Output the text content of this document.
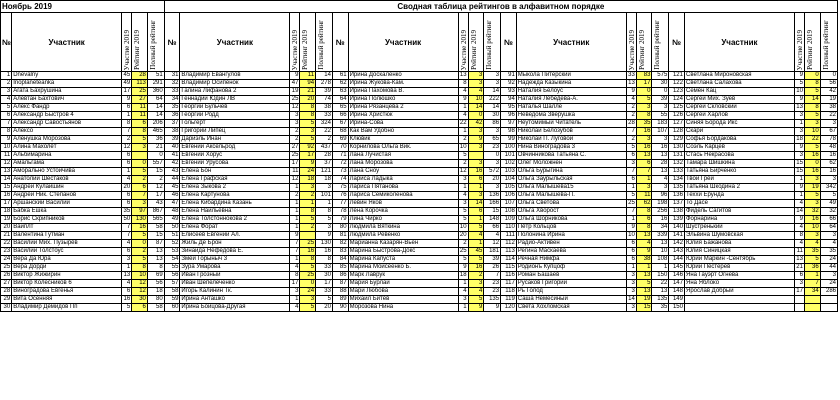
Ноябрь 2019					Сводная таблица рейтингов в алфавитном порядке																			
№	Участник	Участие 2019	Рейтинг 2019	Полный рейтинг	№	Участник	Участие 2019	Рейтинг 2019	Полный рейтинг	№	Участник	Участие 2019	Рейтинг 2019	Полный рейтинг	№	Участник	Участие 2019	Рейтинг 2019	Полный рейтинг	№	Участник	Участие 2019	Рейтинг 2019	Полный рейтинг
1	Dnevalny	45	28	51	31	Владимир Евангулов	9	11	14	61	Ирина Доскаленко	13	3	3	91	Мыкола Питерский	33	83	575	121	Светлана Мироновская	9	0	0
2	Inoplaneteanka	49	113	291	32	Владимир Осипёнок	47	94	278	62	Ирина Жукова-Кам.	8	3	3	92	Надежда Казыкина	13	17	30	122	Светлана Салахова	5	8	56
3	Агата Бахрушина	17	25	360	33	Галина Лифанова 2	19	21	39	63	Ирина Пахомова В.	4	4	14	93	Наталия Белоус	9	0	0	123	Семён Кац	10	5	42
4	Алевтан Бахтович	9	27	64	34	Геннадий Юдин ЛВ	25	20	74	64	Ирина Полюшко	9	10	222	94	Наталия Лебедева-А.	4	5	39	124	Сергей Мих. Зуев	9	14	19
5	Алекс Фандр	6	11	14	35	Георгий Бульчев	12	8	38	65	Ирина Рязанцева 2	1	14	14	95	Наталья Шалле	2	3	3	125	Сергей Скловский	13	8	38
6	Александр Быстров 4	1	11	14	36	Георгий Родд	3	8	33	66	Ирина Христюк	4	0	30	96	Неведома Зверушка	2	8	55	126	Сергей Харлов	3	5	22
7	Александр Савостьянов	8	6	206	37	Гольгерт	3	5	324	67	Ирина-Сова	22	42	86	97	Неутомимый Читатель	28	35	183	127	Синяя Борода Икс	1	3	3
8	Алексо	7	8	465	38	Григорий Липец	2	3	22	68	Как Вам Удобно	1	3	3	98	Николай Белозубов	7	16	107	128	Скари	3	10	67
9	Аленушка Морозова	2	5	36	39	Дариэль Инан	2	5	2	69	Клювик	2	9	65	99	Николай П. Луговой	2	3	3	129	Софья Бордакова	18	22	78
10	Алина Махолёт	12	3	21	40	Евгений Аксельрод	27	92	437	70	Корнилова Ольга Вик.	10	3	23	100	Нина Виноградова 3	5	16	16	130	Соэль Карцев	9	5	48
11	Альбимарина	6		0	41	Евгений Хорус	25	17	28	71	Лана Лучистая	5		0	101	Овчинникова Татьяна С.	6	13	13	131	Стась Некрасова	3	16	16
12	Амальгама	6	0	557	42	Евгений Урусова	17	9	37	72	Лана Морозова	2	3	3	102	Олег Моложнен	3	6	28	132	Тамара Шишкина	15	0	62
13	Аморально Устойчива	1	5	15	43	Елена Бон	11	24	121	73	Лана Сноу	12	16	572	103	Ольга Бурыгина	7	7	13	133	Татьяна Бирченко	15	16	16
14	Анатолий Шестаков	4	2	2	44	Елена Графская	12	18	18	74	Лариса Ладыка	3	6	20	104	Ольга Заурыльская	6	1	4	134	Твой Грей	1	3	3
15	Андрей Кулайшин	20	6	12	45	Елена Зыкова 2	1	3	3	75	Лариса Пятанова	1	1	3	105	Ольга Малышева15	1	3	3	135	Татьяна Шкодина 2	9	19	342
16	Андрей Ник. Степанов	6	7	17	46	Елена Картунова	2	2	101	76	Лариса Семиколенова	4	3	136	106	Ольга Малышева-П.	5	11	96	136	Теххи Ерунда	1	5	5
17	Аршанский Василий	6	3	43	47	Елена Кибардина Казань	1	1	1	77	Левин Яков	3	14	166	107	Ольга Светова	25	62	198	137	То Дасе	4	3	49
18	Бабка Ёшка	35	97	867	48	Елена Наильевна	1	8	8	78	Лёна Корочка	5	6	15	108	Ольга Хворост	7	8	256	138	Фидель Сагитов	14	32	32
19	Борис Скрипников	50	130	565	49	Елена Толстоннокова 2	1	5	5	79	Лина Чирко	5	1	148	109	Ольга Шорникова	1	6	16	139	Форнарина	9	16	66
20	Вайплт	7	16	58	50	Елена Форат	1	2	3	80	Людмила Вяткина	10	5	66	110	Пётр Кольцов	9	8	34	140	Шустренький	4	10	64
21	Валентина Гутман	7	5	15	51	Елисеев Евгений Ал.	9		9	81	Людмила Ревенко	20	4	4	111	Полонина Ирина	10	13	339	141	Эльвина Шумовская	8	3	3
22	Василий Мих. Пузырёв	4	0	87	52	Жиль Де Брон	7	25	130	82	Марианна Казарян-Вьен	2	1	12	112	Радио-Активен	6	4	13	142	Юлия Бажанова	4	4	4
23	Василий Толстоус	6	2	13	53	Зинаида Нефедова Е.	7	16	16	83	Марина Быстрова-Докс	25	45	181	113	Регина Маскаева	6	9	10	143	Юлия Синицкая	11	35	35
24	Вера Да Юра	3	5	13	54	Змей Горыныч 3	1	8	8	84	Марина Капуста	5	5	39	114	Речная Нимфа	6	38	108	144	Юрий Маркин -Сентябрь	13	5	24
25	Вера Дорди	1	8	8	55	Зура Умарова	4	5	33	85	Марина Моисеенко Б.	9	16	26	115	Родионъ Купцоф	1	1	1	145	Юрий Пестерев	21	36	44
26	Виктор Жижирин	13	10	69	56	Иван Грозный	8	25	30	86	Марк Лаврук	18	2	7	116	Роман Башаев	3	13	150	146	Яна Гауэрт Огнева	6	1	3
27	Виктор Колесников 6	4	12	56	57	Иван Шепелеченко	17	0	17	87	Мария Бурлай	1	3	23	117	Русаков Григорий	3	5	22	147	Яна Яблоко	3	7	24
28	Виноградова Евгенья	6	12	18	58	Игорь Калинин Тк.	3	24	33	88	Мари Любова	4	4	23	118	Рь Голод	3	13	13	148	Ярослав Добрый	17	34	286
29	Вита Осенняя	16	30	80	59	Ирина Анташко	1	3	5	89	Михаил Битёв	3	5	135	119	Саша Немесиный	14	19	135	149				
30	Владимир Демидов Пп	5	6	58	60	Ирина Бойцова-Другая	4	5	20	90	Морозова Нина	1	9	9	120	Света Хохломская	3	15	35	150				
